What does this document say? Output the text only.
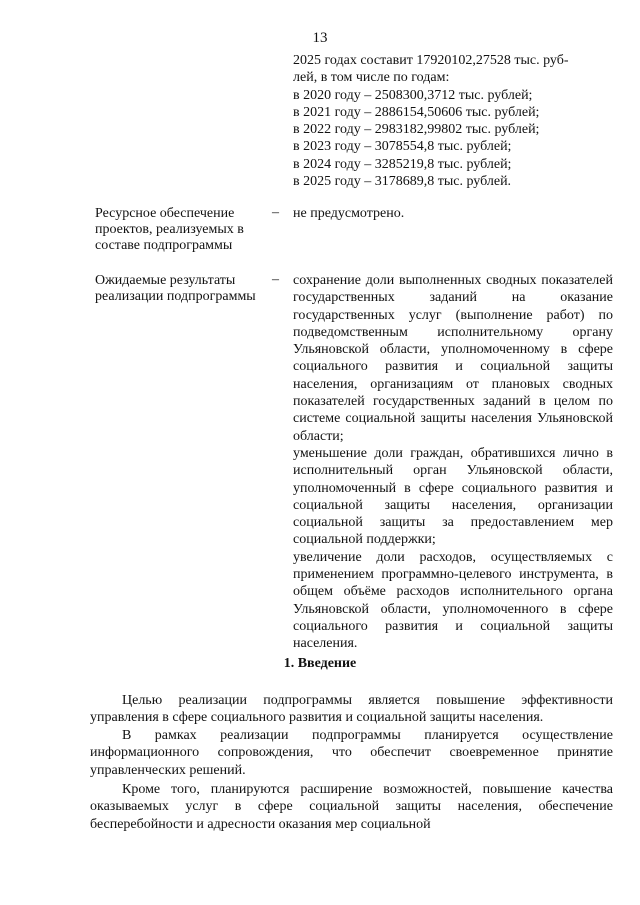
13
2025 годах составит 17920102,27528 тыс. руб-
лей, в том числе по годам:
в 2020 году – 2508300,3712 тыс. рублей;
в 2021 году – 2886154,50606 тыс. рублей;
в 2022 году – 2983182,99802 тыс. рублей;
в 2023 году – 3078554,8 тыс. рублей;
в 2024 году – 3285219,8 тыс. рублей;
в 2025 году – 3178689,8 тыс. рублей.
Ресурсное обеспечение проектов, реализуемых в составе подпрограммы
– не предусмотрено.
Ожидаемые результаты реализации подпрограммы
– сохранение доли выполненных сводных показателей государственных заданий на оказание государственных услуг (выполнение работ) по подведомственным исполнительному органу Ульяновской области, уполномоченному в сфере социального развития и социальной защиты населения, организациям от плановых сводных показателей государственных заданий в целом по системе социальной защиты населения Ульяновской области;
уменьшение доли граждан, обратившихся лично в исполнительный орган Ульяновской области, уполномоченный в сфере социального развития и социальной защиты населения, организации социальной защиты за предоставлением мер социальной поддержки;
увеличение доли расходов, осуществляемых с применением программно-целевого инструмента, в общем объёме расходов исполнительного органа Ульяновской области, уполномоченного в сфере социального развития и социальной защиты населения.
1. Введение
Целью реализации подпрограммы является повышение эффективности управления в сфере социального развития и социальной защиты населения.
В рамках реализации подпрограммы планируется осуществление информационного сопровождения, что обеспечит своевременное принятие управленческих решений.
Кроме того, планируются расширение возможностей, повышение качества оказываемых услуг в сфере социальной защиты населения, обеспечение бесперебойности и адресности оказания мер социальной
